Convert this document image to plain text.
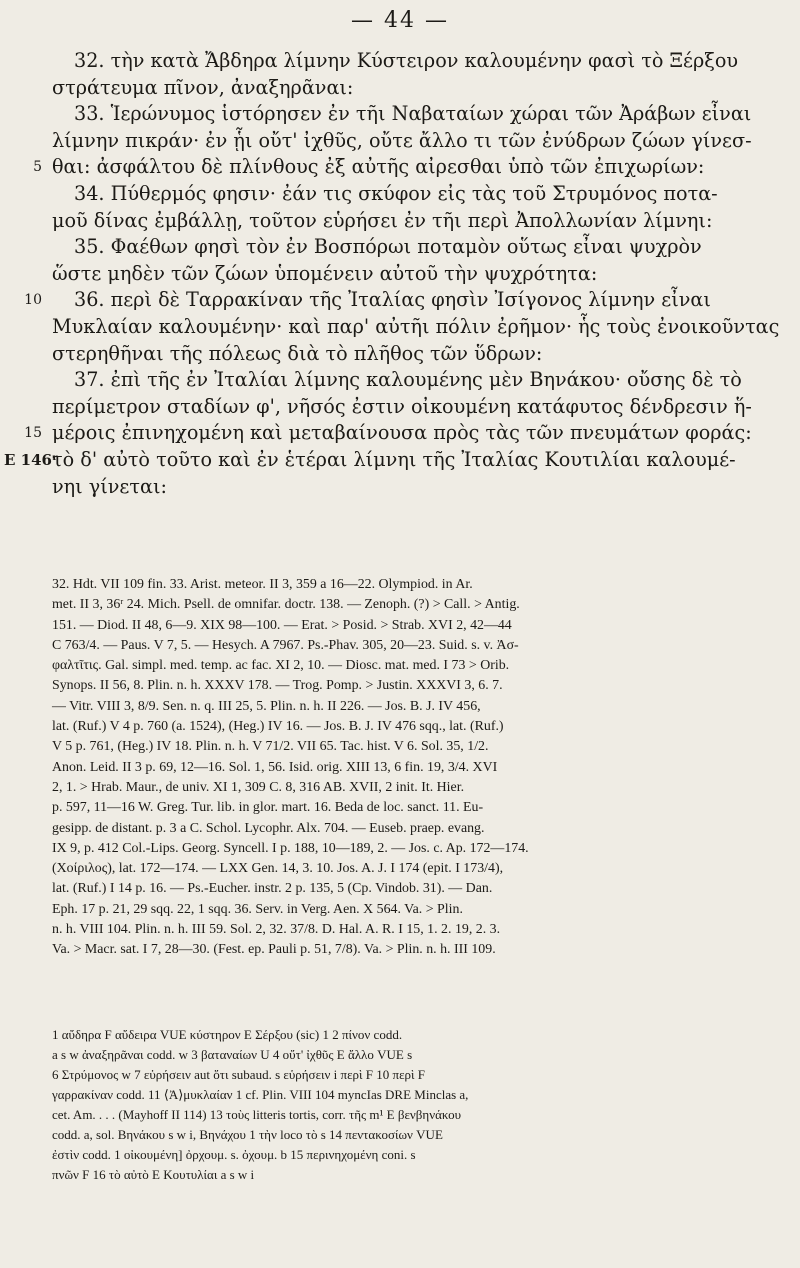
— 44 —
32. τὴν κατὰ Ἄβδηρα λίμνην Κύστειρον καλουμένην φασὶ τὸ Ξέρξου
στράτευμα πῖνον, ἀναξηρᾶναι:
33. Ἱερώνυμος ἱστόρησεν ἐν τῆι Ναβαταίων χώραι τῶν Ἀράβων εἶναι
λίμνην πικράν· ἐν ᾗι οὔτ' ἰχθῦς, οὔτε ἄλλο τι τῶν ἐνύδρων ζώων γίνεσ-
5 θαι: ἀσφάλτου δὲ πλίνθους ἐξ αὐτῆς αἰρεσθαι ὑπὸ τῶν ἐπιχωρίων:
34. Πύθερμός φησιν· ἐάν τις σκύφον εἰς τὰς τοῦ Στρυμόνος ποτα-
μοῦ δίνας ἐμβάλλῃ, τοῦτον εὑρήσει ἐν τῆι περὶ Ἀπολλωνίαν λίμνηι:
35. Φαέθων φησὶ τὸν ἐν Βοσπόρωι ποταμὸν οὕτως εἶναι ψυχρὸν
ὥστε μηδὲν τῶν ζώων ὑπομένειν αὐτοῦ τὴν ψυχρότητα:
10 36. περὶ δὲ Ταρρακίναν τῆς Ἰταλίας φησὶν Ἰσίγονος λίμνην εἶναι
Μυκλαίαν καλουμένην· καὶ παρ' αὐτῆι πόλιν ἐρῆμον· ἧς τοὺς ἐνοικοῦντας
στερηθῆναι τῆς πόλεως διὰ τὸ πλῆθος τῶν ὕδρων:
37. ἐπὶ τῆς ἐν Ἰταλίαι λίμνης καλουμένης μὲν Βηνάκου· οὔσης δὲ τὸ
περίμετρον σταδίων φ', νῆσός ἐστιν οἰκουμένη κατάφυτος δένδρεσιν ἥ-
15 μέροις ἐπινηχομένη καὶ μεταβαίνουσα πρὸς τὰς τῶν πνευμάτων φοράς:
E 146ʳ
τὸ δ' αὐτὸ τοῦτο καὶ ἐν ἑτέραι λίμνηι τῆς Ἰταλίας Κουτιλίαι καλουμέ-
νηι γίνεται:
32. Hdt. VII 109 fin. 33. Arist. meteor. II 3, 359 a 16—22. Olympiod. in Ar.
met. II 3, 36ʳ 24. Mich. Psell. de omnifar. doctr. 138. — Zenoph. (?) > Call. > Antig.
151. — Diod. II 48, 6—9. XIX 98—100. — Erat. > Posid. > Strab. XVI 2, 42—44
C 763/4. — Paus. V 7, 5. — Hesych. A 7967. Ps.-Phav. 305, 20—23. Suid. s. v. Ἀσ-
φαλτῖτις. Gal. simpl. med. temp. ac fac. XI 2, 10. — Diosc. mat. med. I 73 > Orib.
Synops. II 56, 8. Plin. n. h. XXXV 178. — Trog. Pomp. > Justin. XXXVI 3, 6. 7.
— Vitr. VIII 3, 8/9. Sen. n. q. III 25, 5. Plin. n. h. II 226. — Jos. B. J. IV 456,
lat. (Ruf.) V 4 p. 760 (a. 1524), (Heg.) IV 16. — Jos. B. J. IV 476 sqq., lat. (Ruf.)
V 5 p. 761, (Heg.) IV 18. Plin. n. h. V 71/2. VII 65. Tac. hist. V 6. Sol. 35, 1/2.
Anon. Leid. II 3 p. 69, 12—16. Sol. 1, 56. Isid. orig. XIII 13, 6 fin. 19, 3/4. XVI
2, 1. > Hrab. Maur., de univ. XI 1, 309 C. 8, 316 AB. XVII, 2 init. It. Hier.
p. 597, 11—16 W. Greg. Tur. lib. in glor. mart. 16. Beda de loc. sanct. 11. Eu-
gesipp. de distant. p. 3 a C. Schol. Lycophr. Alx. 704. — Euseb. praep. evang.
IX 9, p. 412 Col.-Lips. Georg. Syncell. I p. 188, 10—189, 2. — Jos. c. Ap. 172—174.
(Χοίριλος), lat. 172—174. — LXX Gen. 14, 3. 10. Jos. A. J. I 174 (epit. I 173/4),
lat. (Ruf.) I 14 p. 16. — Ps.-Eucher. instr. 2 p. 135, 5 (Cp. Vindob. 31). — Dan.
Eph. 17 p. 21, 29 sqq. 22, 1 sqq. 36. Serv. in Verg. Aen. X 564. Va. > Plin.
n. h. VIII 104. Plin. n. h. III 59. Sol. 2, 32. 37/8. D. Hal. A. R. I 15, 1. 2. 19, 2. 3.
Va. > Macr. sat. I 7, 28—30. (Fest. ep. Pauli p. 51, 7/8). Va. > Plin. n. h. III 109.
1 αὔδηρα F αὔδειρα VUE κύστηρον E Σέρξου (sic) 1 2 πίνον codd.
a s w ἀναξηρᾶναι codd. w 3 βαταναίων U 4 οὔτ' ἰχθῦς E ἄλλο VUE s
6 Στρύμονος w 7 εὑρήσειν aut ὅτι subaud. s εὑρήσειν i περὶ F 10 περὶ F
γαρρακίναν codd. 11 ⟨Ἀ⟩μυκλαίαν 1 cf. Plin. VIII 104 myncIas DRE Minclas a,
cet. Am. . . . (Mayhoff II 114) 13 τοὺς litteris tortis, corr. τῆς m¹ E βενβηνάκου
codd. a, sol. Βηνάκου s w i, Βηνάχου 1 τὴν loco τὸ s 14 πεντακοσίων VUE
ἐστὶν codd. 1 οἰκουμένη] ὀρχουμ. s. ὀχουμ. b 15 περινηχομένη coni. s
πνῶν F 16 τὸ αὐτὸ E Κουτυλίαι a s w i
